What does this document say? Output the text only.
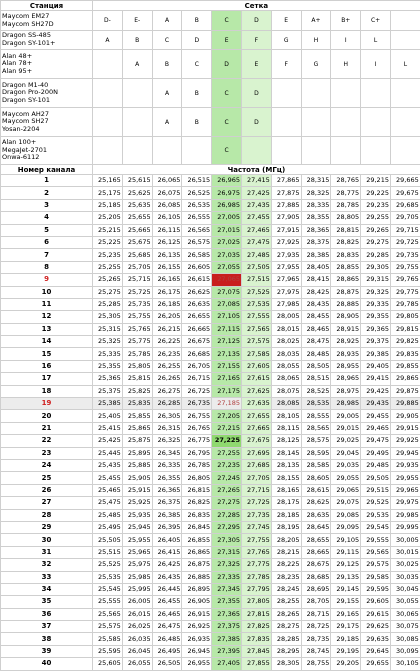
Станция	Сетка										

Maycom EM27
Maycom SH27D	D-	E-	A	B	C	D	E	A+	B+	C+	

Dragon SS-485
Dragon SY-101+	A	B	C	D	E	F	G	H	I	L	

Alan 48+
Alan 78+
Alan 95+		A	B	C	D	E	F	G	H	I	L

Dragon M1-40
Dragon Pro-200N
Dragon SY-101			A	B	C	D					

Maycom AH27
Maycom SH27
Yosan-2204			A	B	C	D					

Alan 100+
MegaJet-2701
Onwa-6112					C						
Номер канала	Частота (МГц)										
1	25,165	25,615	26,065	26,515	26,965	27,415	27,865	28,315	28,765	29,215	29,665
2	25,175	25,625	26,075	26,525	26,975	27,425	27,875	28,325	28,775	29,225	29,675
3	25,185	25,635	26,085	26,535	26,985	27,435	27,885	28,335	28,785	29,235	29,685
4	25,205	25,655	26,105	26,555	27,005	27,455	27,905	28,355	28,805	29,255	29,705
5	25,215	25,665	26,115	26,565	27,015	27,465	27,915	28,365	28,815	29,265	29,715
6	25,225	25,675	26,125	26,575	27,025	27,475	27,925	28,375	28,825	29,275	29,725
7	25,235	25,685	26,135	26,585	27,035	27,485	27,935	28,385	28,835	29,285	29,735
8	25,255	25,705	26,155	26,605	27,055	27,505	27,955	28,405	28,855	29,305	29,755
9	25,265	25,715	26,165	26,615	27,065	27,515	27,965	28,415	28,865	29,315	29,765
10	25,275	25,725	26,175	26,625	27,075	27,525	27,975	28,425	28,875	29,325	29,775
11	25,285	25,735	26,185	26,635	27,085	27,535	27,985	28,435	28,885	29,335	29,785
12	25,305	25,755	26,205	26,655	27,105	27,555	28,005	28,455	28,905	29,355	29,805
13	25,315	25,765	26,215	26,665	27,115	27,565	28,015	28,465	28,915	29,365	29,815
14	25,325	25,775	26,225	26,675	27,125	27,575	28,025	28,475	28,925	29,375	29,825
15	25,335	25,785	26,235	26,685	27,135	27,585	28,035	28,485	28,935	29,385	29,835
16	25,355	25,805	26,255	26,705	27,155	27,605	28,055	28,505	28,955	29,405	29,855
17	25,365	25,815	26,265	26,715	27,165	27,615	28,065	28,515	28,965	29,415	29,865
18	25,375	25,825	26,275	26,725	27,175	27,625	28,075	28,525	28,975	29,425	29,875
19	25,385	25,835	26,285	26,735	27,185	27,635	28,085	28,535	28,985	29,435	29,885
20	25,405	25,855	26,305	26,755	27,205	27,655	28,105	28,555	29,005	29,455	29,905
21	25,415	25,865	26,315	26,765	27,215	27,665	28,115	28,565	29,015	29,465	29,915
22	25,425	25,875	26,325	26,775	27,225	27,675	28,125	28,575	29,025	29,475	29,925
23	25,445	25,895	26,345	26,795	27,255	27,695	28,145	28,595	29,045	29,495	29,945
24	25,435	25,885	26,335	26,785	27,235	27,685	28,135	28,585	29,035	29,485	29,935
25	25,455	25,905	26,355	26,805	27,245	27,705	28,155	28,605	29,055	29,505	29,955
26	25,465	25,915	26,365	26,815	27,265	27,715	28,165	28,615	29,065	29,515	29,965
27	25,475	25,925	26,375	26,825	27,275	27,725	28,175	28,625	29,075	29,525	29,975
28	25,485	25,935	26,385	26,835	27,285	27,735	28,185	28,635	29,085	29,535	29,985
29	25,495	25,945	26,395	26,845	27,295	27,745	28,195	28,645	29,095	29,545	29,995
30	25,505	25,955	26,405	26,855	27,305	27,755	28,205	28,655	29,105	29,555	30,005
31	25,515	25,965	26,415	26,865	27,315	27,765	28,215	28,665	29,115	29,565	30,015
32	25,525	25,975	26,425	26,875	27,325	27,775	28,225	28,675	29,125	29,575	30,025
33	25,535	25,985	26,435	26,885	27,335	27,785	28,235	28,685	29,135	29,585	30,035
34	25,545	25,995	26,445	26,895	27,345	27,795	28,245	28,695	29,145	29,595	30,045
35	25,555	26,005	26,455	26,905	27,355	27,805	28,255	28,705	29,155	29,605	30,055
36	25,565	26,015	26,465	26,915	27,365	27,815	28,265	28,715	29,165	29,615	30,065
37	25,575	26,025	26,475	26,925	27,375	27,825	28,275	28,725	29,175	29,625	30,075
38	25,585	26,035	26,485	26,935	27,385	27,835	28,285	28,735	29,185	29,635	30,085
39	25,595	26,045	26,495	26,945	27,395	27,845	28,295	28,745	29,195	29,645	30,095
40	25,605	26,055	26,505	26,955	27,405	27,855	28,305	28,755	29,205	29,655	30,105
